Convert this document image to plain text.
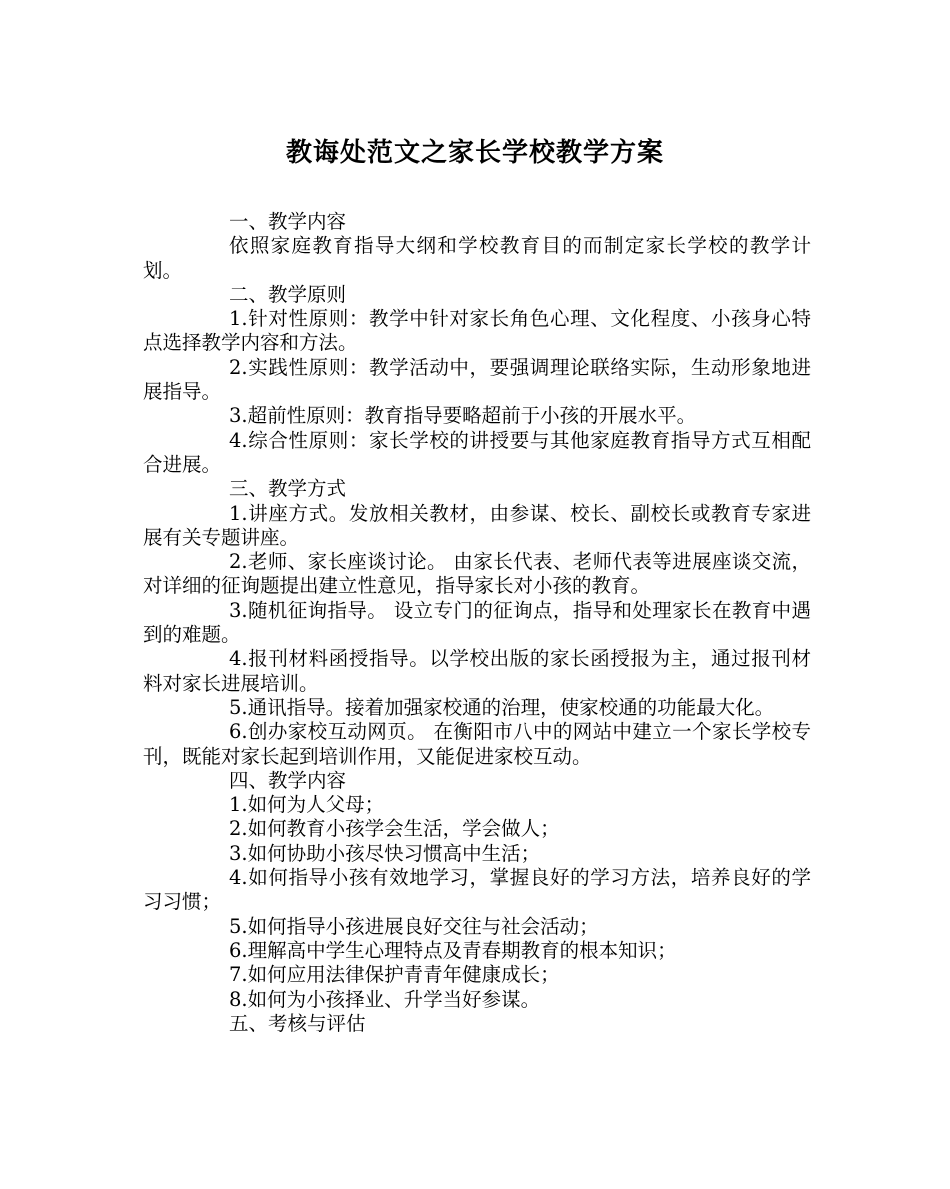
教诲处范文之家长学校教学方案

一、教学内容

依照家庭教育指导大纲和学校教育目的而制定家长学校的教学计划。

二、教学原则

1.针对性原则：教学中针对家长角色心理、文化程度、小孩身心特点选择教学内容和方法。

2.实践性原则：教学活动中，要强调理论联络实际，生动形象地进展指导。

3.超前性原则：教育指导要略超前于小孩的开展水平。

4.综合性原则：家长学校的讲授要与其他家庭教育指导方式互相配合进展。

三、教学方式

1.讲座方式。发放相关教材，由参谋、校长、副校长或教育专家进展有关专题讲座。

2.老师、家长座谈讨论。 由家长代表、老师代表等进展座谈交流，对详细的征询题提出建立性意见，指导家长对小孩的教育。

3.随机征询指导。 设立专门的征询点，指导和处理家长在教育中遇到的难题。

4.报刊材料函授指导。以学校出版的家长函授报为主，通过报刊材料对家长进展培训。

5.通讯指导。接着加强家校通的治理，使家校通的功能最大化。

6.创办家校互动网页。 在衡阳市八中的网站中建立一个家长学校专刊，既能对家长起到培训作用，又能促进家校互动。

四、教学内容

1.如何为人父母；

2.如何教育小孩学会生活，学会做人；

3.如何协助小孩尽快习惯高中生活；

4.如何指导小孩有效地学习，掌握良好的学习方法，培养良好的学习习惯；

5.如何指导小孩进展良好交往与社会活动；

6.理解高中学生心理特点及青春期教育的根本知识；

7.如何应用法律保护青青年健康成长；

8.如何为小孩择业、升学当好参谋。

五、考核与评估
